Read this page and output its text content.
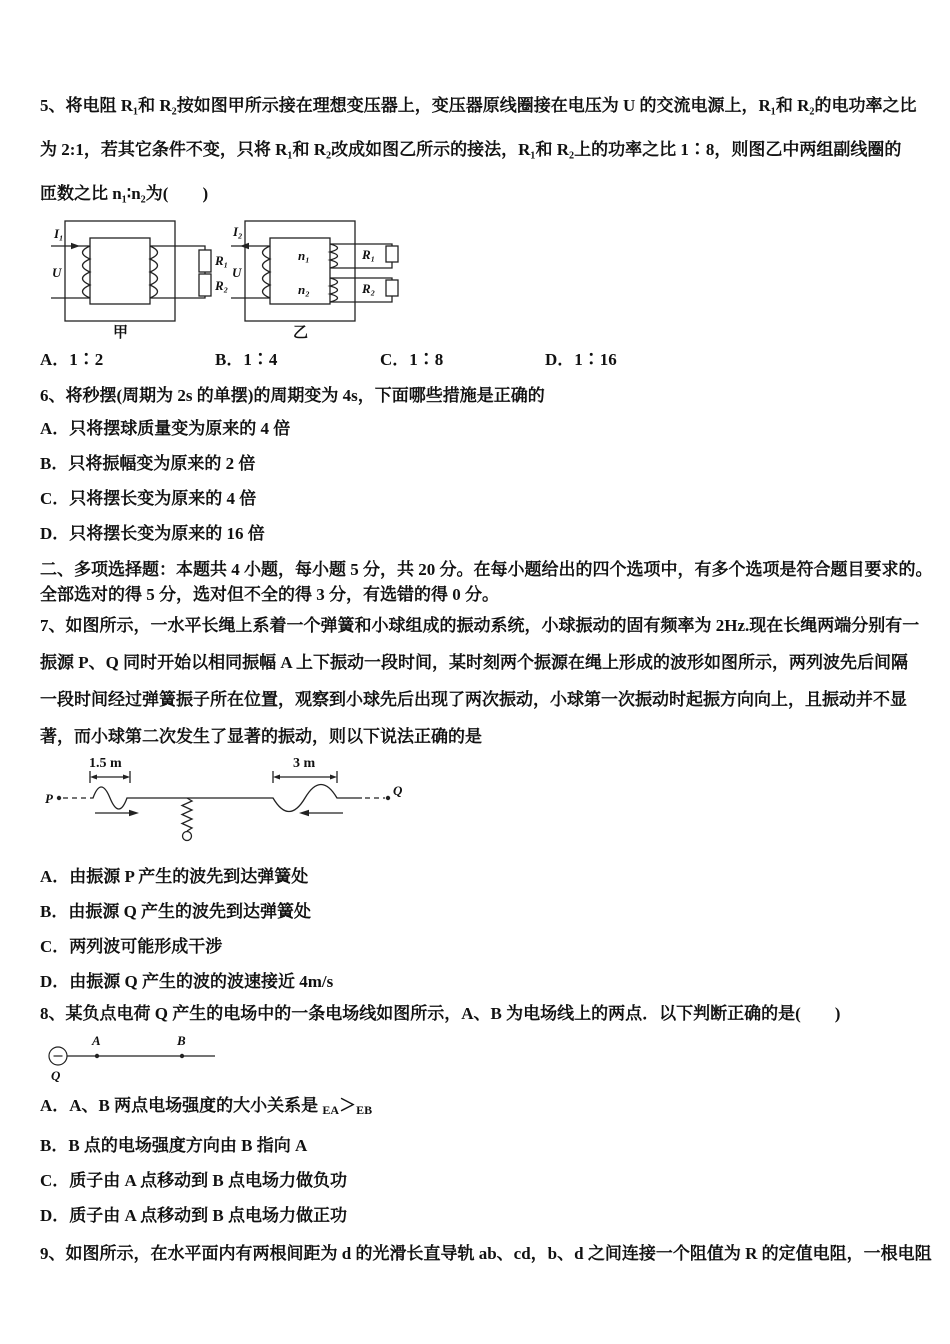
5、将电阻 R₁和 R₂按如图甲所示接在理想变压器上，变压器原线圈接在电压为 U 的交流电源上，R₁和 R₂的电功率之比
为 2:1，若其它条件不变，只将 R₁和 R₂改成如图乙所示的接法，R₁和 R₂上的功率之比 1∶8，则图乙中两组副线圈的
匝数之比 n₁∶n₂为(　　)
I₁
U
R₁
R₂
甲
I₂
U
n₁
n₂
R₁
R₂
乙
A．1∶2	B．1∶4	C．1∶8	D．1∶16
6、将秒摆(周期为 2s 的单摆)的周期变为 4s，下面哪些措施是正确的
A．只将摆球质量变为原来的 4 倍
B．只将振幅变为原来的 2 倍
C．只将摆长变为原来的 4 倍
D．只将摆长变为原来的 16 倍
二、多项选择题：本题共 4 小题，每小题 5 分，共 20 分。在每小题给出的四个选项中，有多个选项是符合题目要求的。
全部选对的得 5 分，选对但不全的得 3 分，有选错的得 0 分。
7、如图所示，一水平长绳上系着一个弹簧和小球组成的振动系统，小球振动的固有频率为 2Hz.现在长绳两端分别有一
振源 P、Q 同时开始以相同振幅 A 上下振动一段时间，某时刻两个振源在绳上形成的波形如图所示，两列波先后间隔
一段时间经过弹簧振子所在位置，观察到小球先后出现了两次振动，小球第一次振动时起振方向向上，且振动并不显
著，而小球第二次发生了显著的振动，则以下说法正确的是
1.5 m	3 m
P
Q
A．由振源 P 产生的波先到达弹簧处
B．由振源 Q 产生的波先到达弹簧处
C．两列波可能形成干涉
D．由振源 Q 产生的波的波速接近 4m/s
8、某负点电荷 Q 产生的电场中的一条电场线如图所示，A、B 为电场线上的两点．以下判断正确的是(　　)
A	B
Q
A．A、B 两点电场强度的大小关系是 EA＞EB
B．B 点的电场强度方向由 B 指向 A
C．质子由 A 点移动到 B 点电场力做负功
D．质子由 A 点移动到 B 点电场力做正功
9、如图所示，在水平面内有两根间距为 d 的光滑长直导轨 ab、cd，b、d 之间连接一个阻值为 R 的定值电阻，一根电阻
